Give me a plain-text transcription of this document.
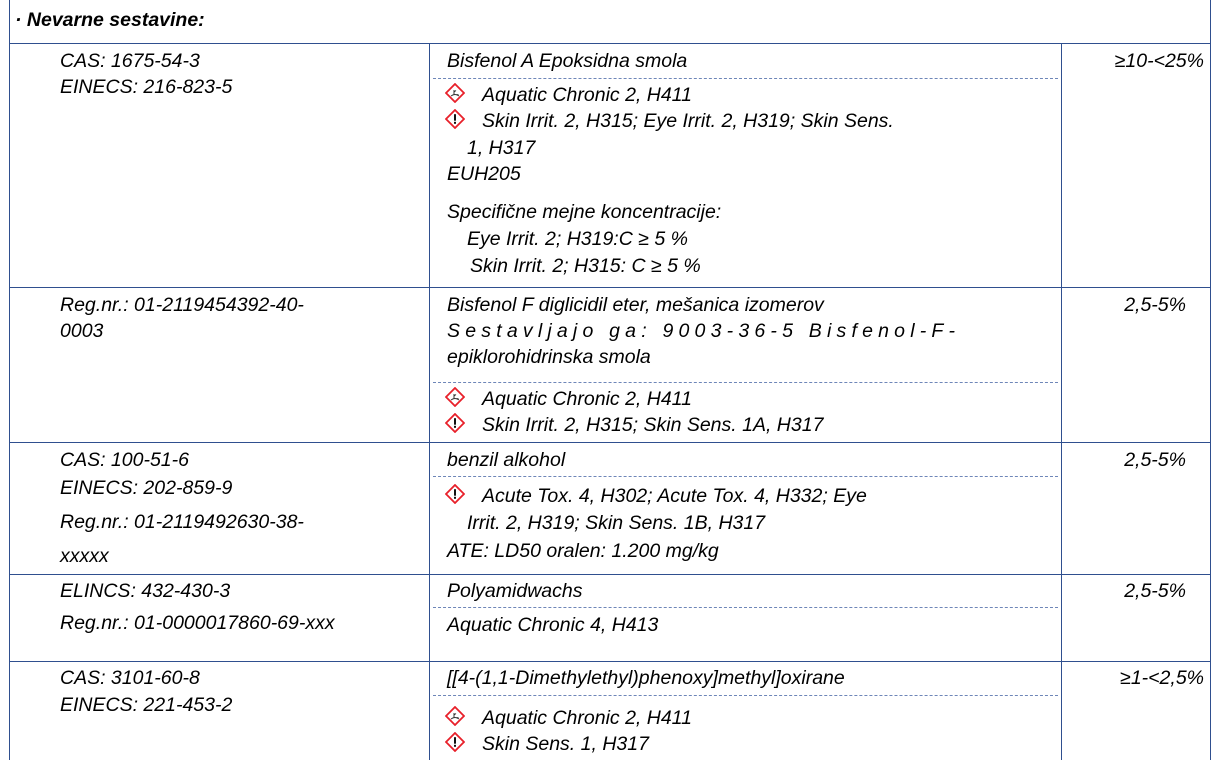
· Nevarne sestavine:
CAS: 1675-54-3
EINECS: 216-823-5
Bisfenol A Epoksidna smola
Aquatic Chronic 2, H411
Skin Irrit. 2, H315; Eye Irrit. 2, H319; Skin Sens.
1, H317
EUH205
Specifične mejne koncentracije:
Eye Irrit. 2; H319:C ≥ 5 %
Skin Irrit. 2; H315: C ≥ 5 %
≥10-<25%
Reg.nr.: 01-2119454392-40-
0003
Bisfenol F diglicidil eter, mešanica izomerov
Sestavljajo ga: 9003-36-5 Bisfenol-F-
epiklorohidrinska smola
Aquatic Chronic 2, H411
Skin Irrit. 2, H315; Skin Sens. 1A, H317
2,5-5%
CAS: 100-51-6
EINECS: 202-859-9
Reg.nr.: 01-2119492630-38-
xxxxx
benzil alkohol
Acute Tox. 4, H302; Acute Tox. 4, H332; Eye
Irrit. 2, H319; Skin Sens. 1B, H317
ATE: LD50 oralen: 1.200 mg/kg
2,5-5%
ELINCS: 432-430-3
Reg.nr.: 01-0000017860-69-xxx
Polyamidwachs
Aquatic Chronic 4, H413
2,5-5%
CAS: 3101-60-8
EINECS: 221-453-2
[[4-(1,1-Dimethylethyl)phenoxy]methyl]oxirane
Aquatic Chronic 2, H411
Skin Sens. 1, H317
≥1-<2,5%
